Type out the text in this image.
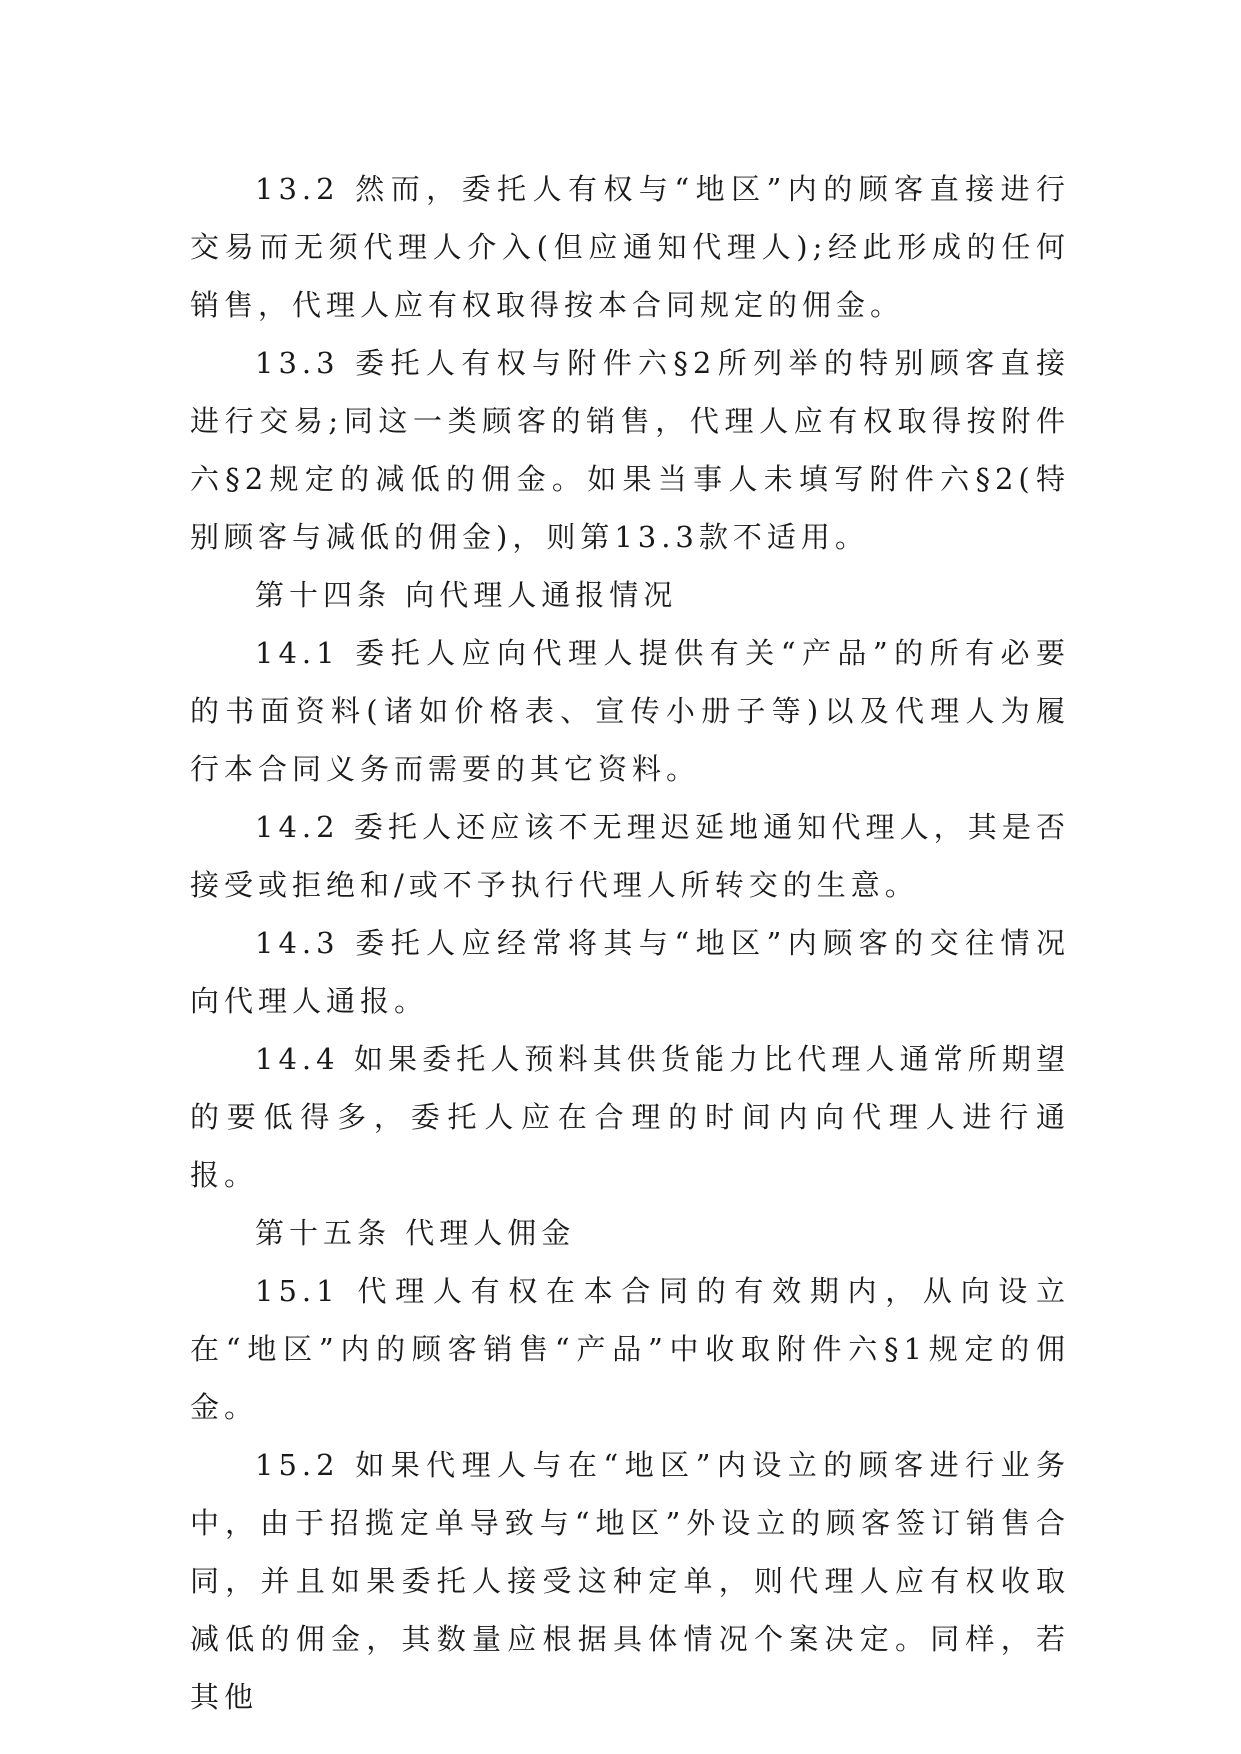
13.2 然而，委托人有权与“地区”内的顾客直接进行交易而无须代理人介入(但应通知代理人);经此形成的任何销售，代理人应有权取得按本合同规定的佣金。

13.3 委托人有权与附件六§2所列举的特别顾客直接进行交易;同这一类顾客的销售，代理人应有权取得按附件六§2规定的减低的佣金。如果当事人未填写附件六§2(特别顾客与减低的佣金)，则第13.3款不适用。

第十四条 向代理人通报情况

14.1 委托人应向代理人提供有关“产品”的所有必要的书面资料(诸如价格表、宣传小册子等)以及代理人为履行本合同义务而需要的其它资料。

14.2 委托人还应该不无理迟延地通知代理人，其是否接受或拒绝和/或不予执行代理人所转交的生意。

14.3 委托人应经常将其与“地区”内顾客的交往情况向代理人通报。

14.4 如果委托人预料其供货能力比代理人通常所期望的要低得多，委托人应在合理的时间内向代理人进行通报。

第十五条 代理人佣金

15.1 代理人有权在本合同的有效期内，从向设立在“地区”内的顾客销售“产品”中收取附件六§1规定的佣金。

15.2 如果代理人与在“地区”内设立的顾客进行业务中，由于招揽定单导致与“地区”外设立的顾客签订销售合同，并且如果委托人接受这种定单，则代理人应有权收取减低的佣金，其数量应根据具体情况个案决定。同样，若其他
